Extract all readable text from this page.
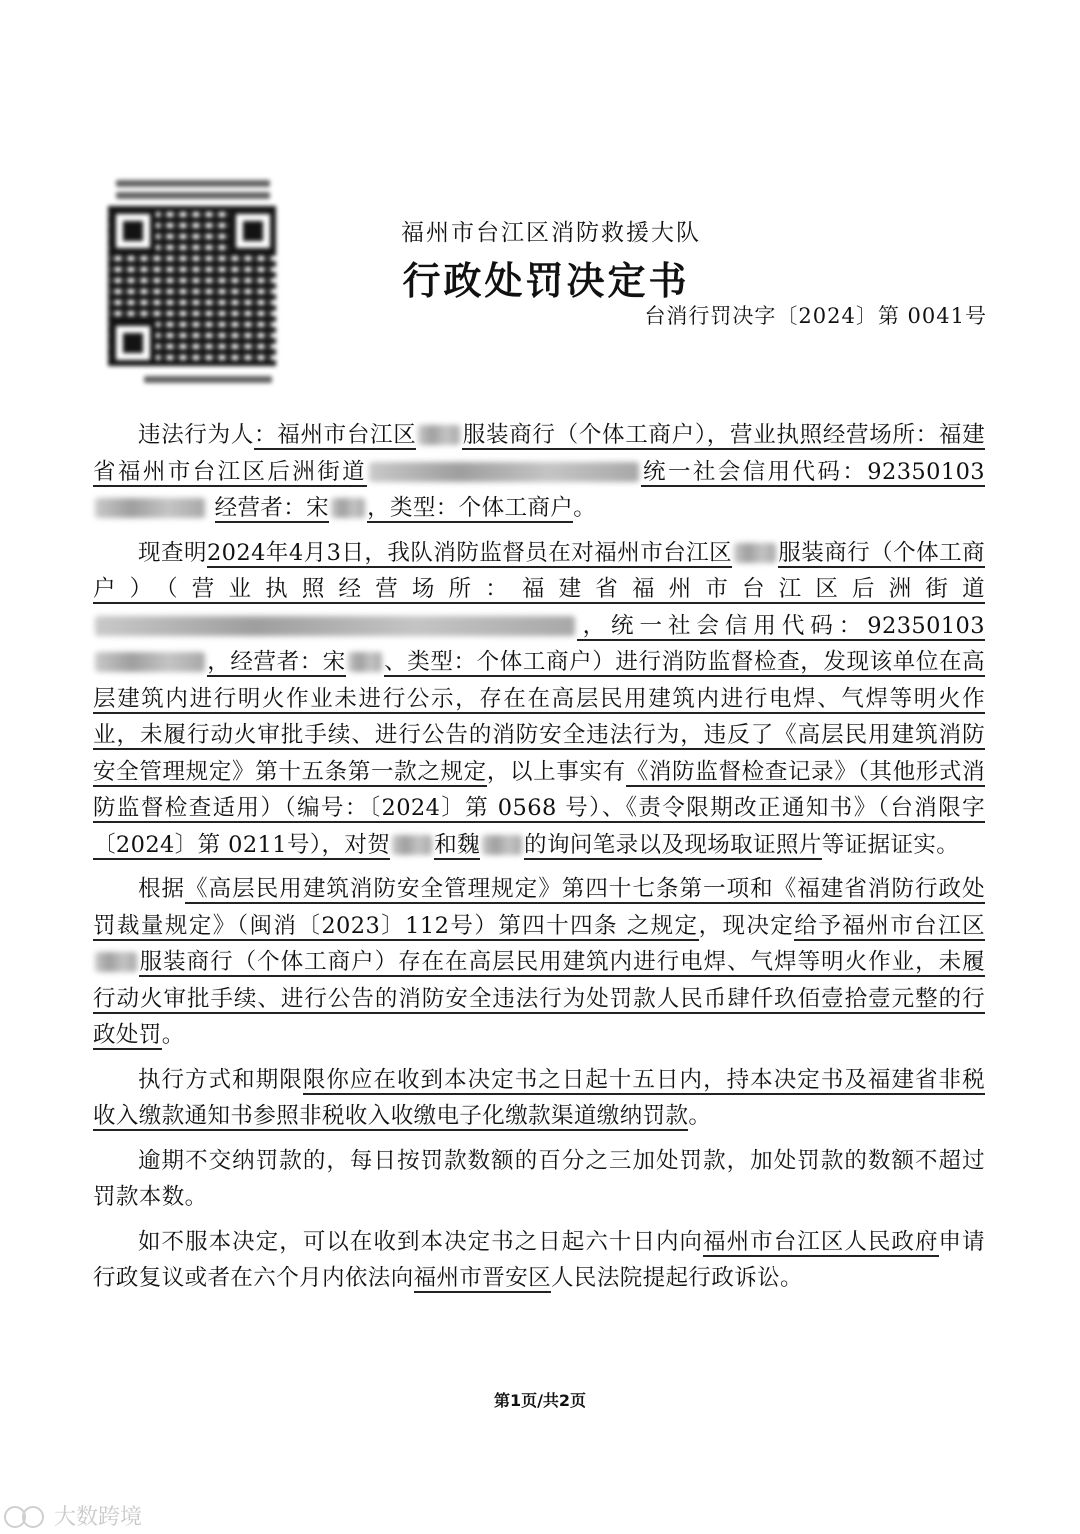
福州市台江区消防救援大队
行政处罚决定书
台消行罚决字〔2024〕第 0041号

违法行为人：福州市台江区 服装商行（个体工商户），营业执照经营场所：福建省福州市台江区后洲街道	统一社会信用代码：92350103 经营者：宋 ，类型：个体工商户。

现查明2024年4月3日，我队消防监督员在对福州市台江区 服装商行（个体工商户）（营业执照经营场所：福建省福州市台江区后洲街道，统一社会信用代码：92350103，经营者：宋 、类型：个体工商户）进行消防监督检查，发现该单位在高层建筑内进行明火作业未进行公示，存在在高层民用建筑内进行电焊、气焊等明火作业，未履行动火审批手续、进行公告的消防安全违法行为，违反了《高层民用建筑消防安全管理规定》第十五条第一款之规定，以上事实有《消防监督检查记录》（其他形式消防监督检查适用）（编号：〔2024〕第 0568 号）、《责令限期改正通知书》（台消限字〔2024〕第 0211号），对贺 和魏 的询问笔录以及现场取证照片等证据证实。

根据《高层民用建筑消防安全管理规定》第四十七条第一项和《福建省消防行政处罚裁量规定》（闽消〔2023〕112号）第四十四条 之规定，现决定给予福州市台江区服装商行（个体工商户）存在在高层民用建筑内进行电焊、气焊等明火作业，未履行动火审批手续、进行公告的消防安全违法行为处罚款人民币肆仟玖佰壹拾壹元整的行政处罚。

执行方式和期限限你应在收到本决定书之日起十五日内，持本决定书及福建省非税收入缴款通知书参照非税收入收缴电子化缴款渠道缴纳罚款。

逾期不交纳罚款的，每日按罚款数额的百分之三加处罚款，加处罚款的数额不超过罚款本数。

如不服本决定，可以在收到本决定书之日起六十日内向福州市台江区人民政府申请行政复议或者在六个月内依法向福州市晋安区人民法院提起行政诉讼。

第1页/共2页
大数跨境
